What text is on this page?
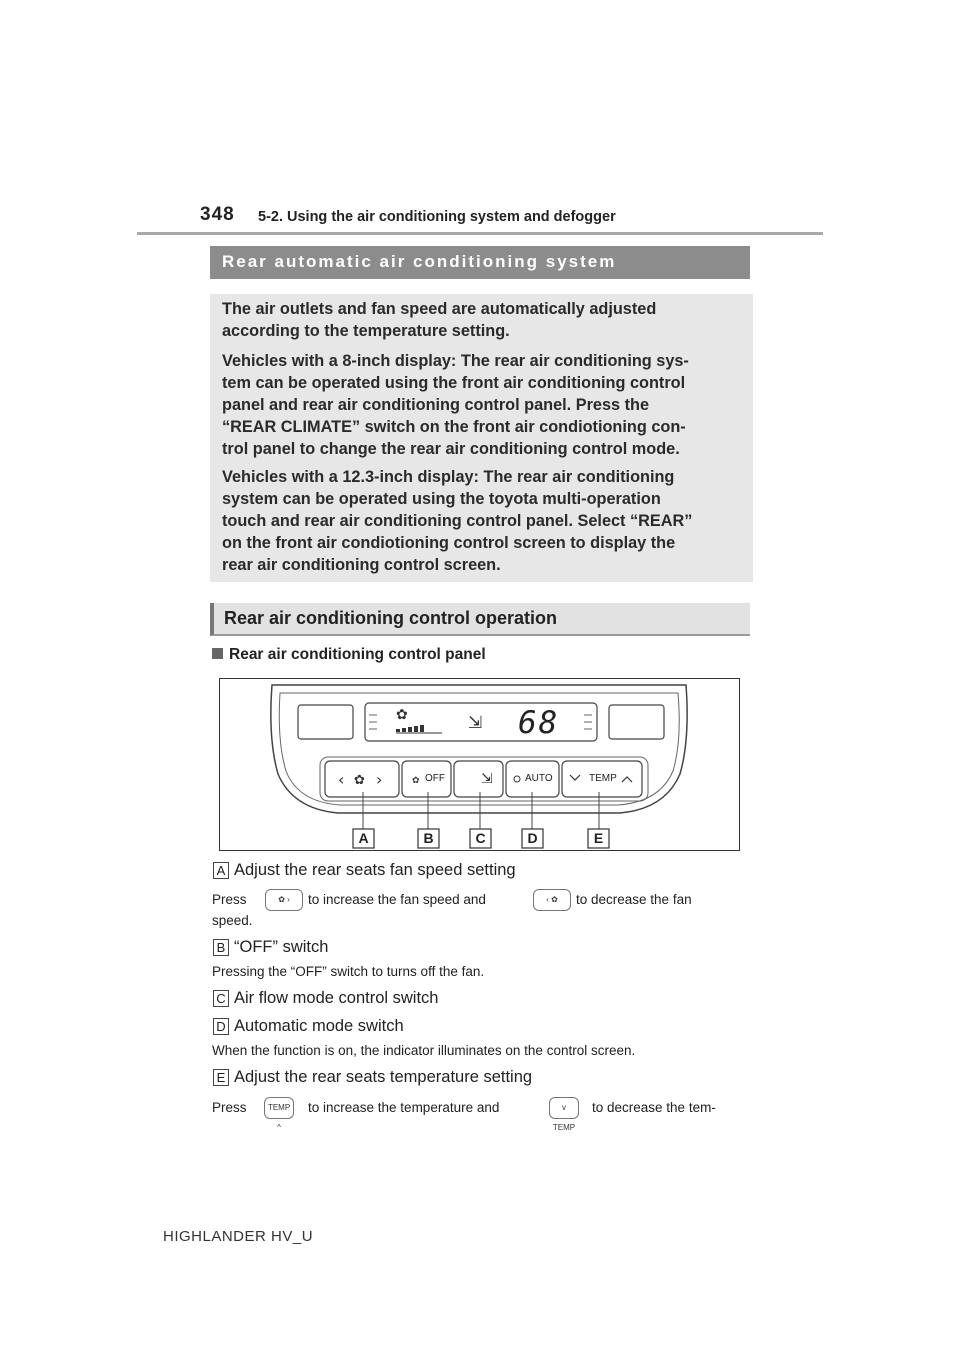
348 5-2. Using the air conditioning system and defogger
Rear automatic air conditioning system

The air outlets and fan speed are automatically adjusted
according to the temperature setting.

Vehicles with a 8-inch display: The rear air conditioning sys-
tem can be operated using the front air conditioning control
panel and rear air conditioning control panel. Press the
“REAR CLIMATE” switch on the front air condiotioning con-
trol panel to change the rear air conditioning control mode.

Vehicles with a 12.3-inch display: The rear air conditioning
system can be operated using the toyota multi-operation
touch and rear air conditioning control panel. Select “REAR”
on the front air condiotioning control screen to display the
rear air conditioning control screen.

Rear air conditioning control operation
Rear air conditioning control panel
✿	⇲
‹ ✿ ›	✿	⇲
68
OFF	AUTO	TEMP
A	B	C	D	E
A Adjust the rear seats fan speed setting
Press	✿ ›	to increase the fan speed and	‹ ✿	to decrease the fan
speed.
B “OFF” switch
Pressing the “OFF” switch to turns off the fan.
C Air flow mode control switch
D Automatic mode switch
When the function is on, the indicator illuminates on the control screen.
E Adjust the rear seats temperature setting
Press	TEMP ^
to increase the temperature and	v TEMP
to decrease the tem-
HIGHLANDER HV_U
